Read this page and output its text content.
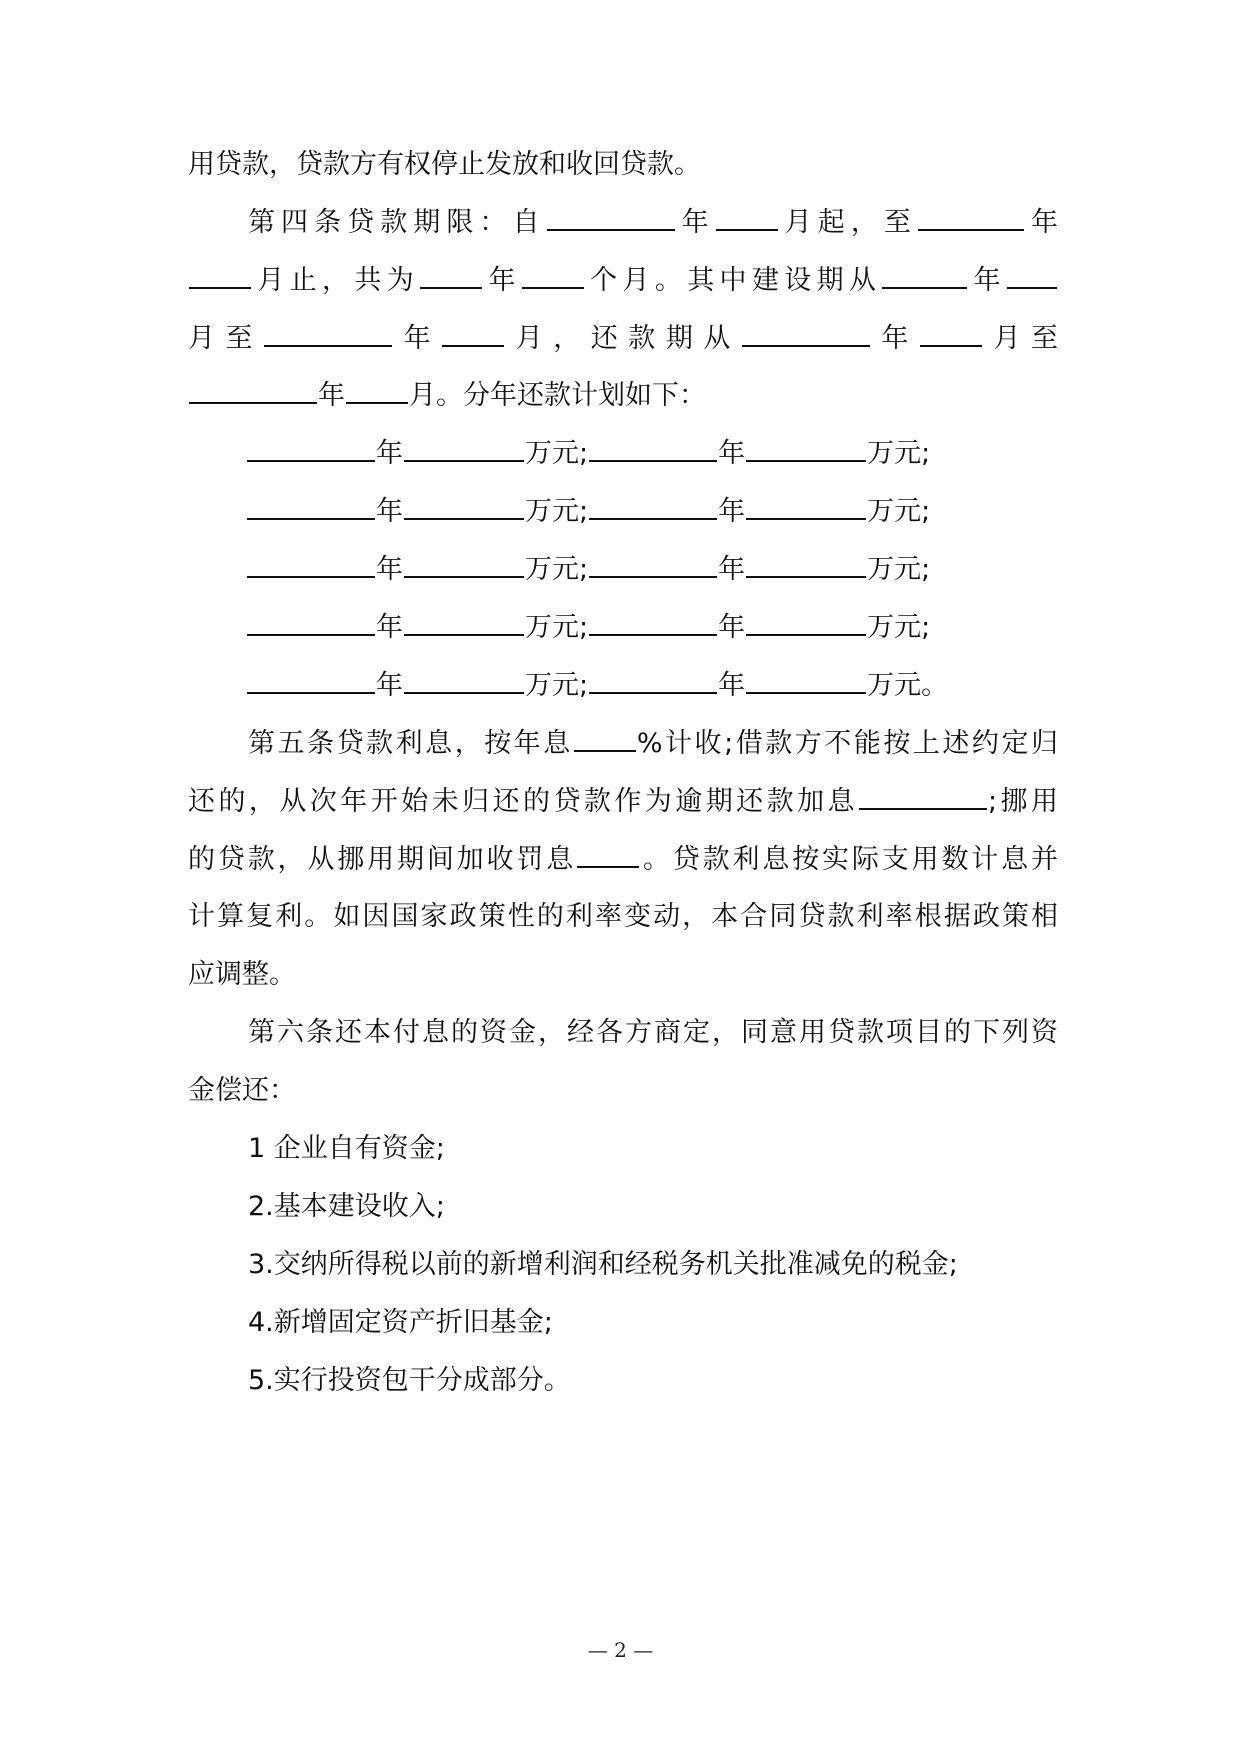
用贷款，贷款方有权停止发放和收回贷款。
第四条贷款期限：自	年 月起，至	年
月止，共为 年 个月。其中建设期从	年
月至	年 月，还款期从	年 月至
年 月。分年还款计划如下：
年	万元;	年	万元;
年	万元;	年	万元;
年	万元;	年	万元;
年	万元;	年	万元;
年	万元;	年	万元。
第五条贷款利息，按年息 %计收;借款方不能按上述约定归
还的，从次年开始未归还的贷款作为逾期还款加息	;挪用
的贷款，从挪用期间加收罚息 。贷款利息按实际支用数计息并
计算复利。如因国家政策性的利率变动，本合同贷款利率根据政策相
应调整。
第六条还本付息的资金，经各方商定，同意用贷款项目的下列资
金偿还：
1 企业自有资金;
2.基本建设收入;
3.交纳所得税以前的新增利润和经税务机关批准减免的税金;
4.新增固定资产折旧基金;
5.实行投资包干分成部分。
— 2 —
